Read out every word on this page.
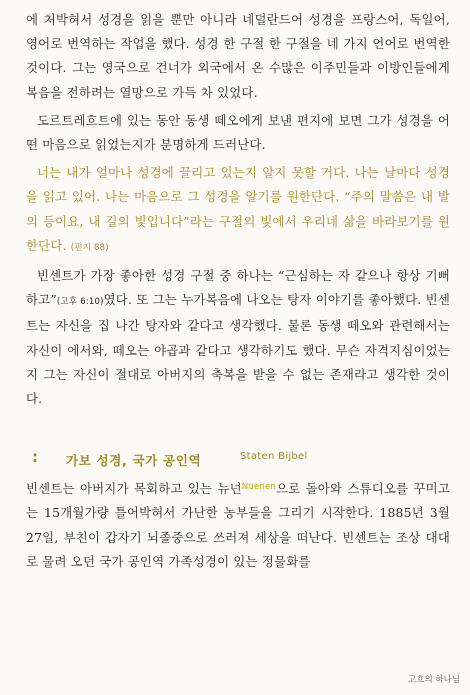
에 처박혀서 성경을 읽을 뿐만 아니라 네덜란드어 성경을 프랑스어, 독일어, 영어로 번역하는 작업을 했다. 성경 한 구절 한 구절을 네 가지 언어로 번역한 것이다. 그는 영국으로 건너가 외국에서 온 수많은 이주민들과 이방인들에게 복음을 전하려는 열망으로 가득 차 있었다.

도르트레흐트에 있는 동안 동생 떼오에게 보낸 편지에 보면 그가 성경을 어떤 마음으로 읽었는지가 분명하게 드러난다.

너는 내가 얼마나 성경에 끌리고 있는지 알지 못할 거다. 나는 날마다 성경을 읽고 있어. 나는 마음으로 그 성경을 알기를 원한단다. “주의 말씀은 내 발의 등이요, 내 길의 빛입니다”라는 구절의 빛에서 우리네 삶을 바라보기를 원한단다. (편지 88)

빈센트가 가장 좋아한 성경 구절 중 하나는 “근심하는 자 같으나 항상 기뻐하고”(고후 6:10)였다. 또 그는 누가복음에 나오는 탕자 이야기를 좋아했다. 빈센트는 자신을 집 나간 탕자와 같다고 생각했다. 물론 동생 떼오와 관련해서는 자신이 에서와, 떼오는 야곱과 같다고 생각하기도 했다. 무슨 자격지심이었는지 그는 자신이 절대로 아버지의 축복을 받을 수 없는 존재라고 생각한 것이다.

: 가보 성경, 국가 공인역	Staten Bijbel

빈센트는 아버지가 목회하고 있는 뉴넌$^{Nuenen}$으로 돌아와 스튜디오를 꾸미고는 15개월가량 틀어박혀서 가난한 농부들을 그리기 시작한다. 1885년 3월 27일, 부친이 갑자기 뇌졸중으로 쓰러져 세상을 떠난다. 빈센트는 조상 대대로 물려 오던 국가 공인역 가족성경이 있는 정물화를

고흐의 하나님
